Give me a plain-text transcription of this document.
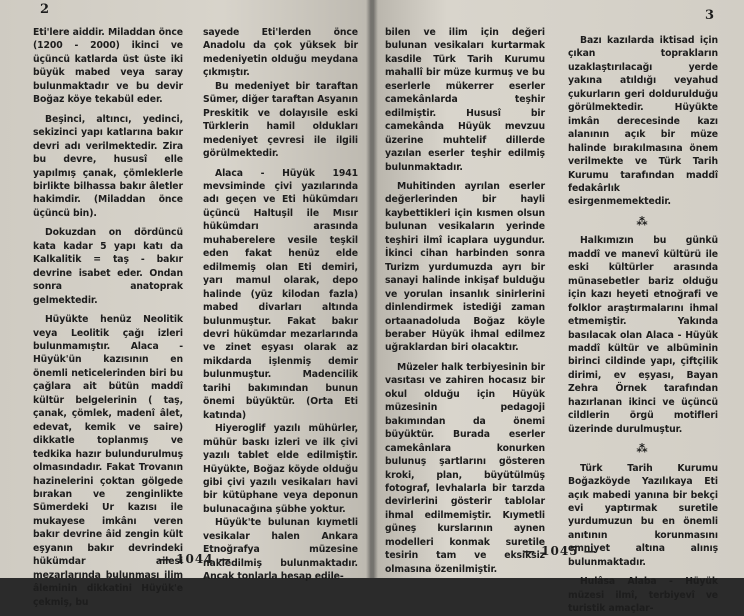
2

Eti'lere aiddir. Miladdan önce (1200 - 2000) ikinci ve üçüncü katlarda üst üste iki büyük mabed veya saray bulunmaktadır ve bu devir Boğaz köye tekabül eder.

Beşinci, altıncı, yedinci, sekizinci yapı katlarına bakır devri adı verilmektedir. Zira bu devre, hususî elle yapılmış çanak, çömleklerle birlikte bilhassa bakır âletler hakimdir. (Miladdan önce üçüncü bin).

Dokuzdan on dördüncü kata kadar 5 yapı katı da Kalkalitik = taş - bakır devrine isabet eder. Ondan sonra anatoprak gelmektedir.

Hüyükte henüz Neolitik veya Leolitik çağı izleri bulunmamıştır. Alaca - Hüyük'ün kazısının en önemli neticelerinden biri bu çağlara ait bütün maddî kültür belgelerinin ( taş, çanak, çömlek, madenî âlet, edevat, kemik ve saire) dikkatle toplanmış ve tedkika hazır bulundurulmuş olmasındadır. Fakat Trovanın hazinelerini çoktan gölgede bırakan ve zenginlikte Sümerdeki Ur kazısı ile mukayese imkânı veren bakır devrine âid zengin kült eşyanın bakır devrindeki hükümdar ailesi mezarlarında bulunması ilim âleminin dikkatini Hüyük'e çekmiş, bu

sayede Eti'lerden önce Anadolu da çok yüksek bir medeniyetin olduğu meydana çıkmıştır.

Bu medeniyet bir taraftan Sümer, diğer taraftan Asyanın Preskitik ve dolayısile eski Türklerin hamil oldukları medeniyet çevresi ile ilgili görülmektedir.

Alaca - Hüyük 1941 mevsiminde çivi yazılarında adı geçen ve Eti hükümdarı üçüncü Haltuşil ile Mısır hükümdarı arasında muhaberelere vesile teşkil eden fakat henüz elde edilmemiş olan Eti demiri, yarı mamul olarak, depo halinde (yüz kilodan fazla) mabed divarları altında bulunmuştur. Fakat bakır devri hükümdar mezarlarında ve zinet eşyası olarak az mikdarda işlenmiş demir bulunmuştur. Madencilik tarihi bakımından bunun önemi büyüktür. (Orta Eti katında)

Hiyeroglif yazılı mühürler, mühür baskı izleri ve ilk çivi yazılı tablet elde edilmiştir. Hüyükte, Boğaz köyde olduğu gibi çivi yazılı vesikaları havi bir kütüphane veya deponun bulunacağına şübhe yoktur.

Hüyük'te bulunan kıymetli vesikalar halen Ankara Etnoğrafya müzesine nakledilmiş bulunmaktadır. Ancak tonlarla hesap edile-

— 1044 —
3

bilen ve ilim için değeri bulunan vesikaları kurtarmak kasdile Türk Tarih Kurumu mahallî bir müze kurmuş ve bu eserlerle mükerrer eserler camekânlarda teşhir edilmiştir. Hususî bir camekânda Hüyük mevzuu üzerine muhtelif dillerde yazılan eserler teşhir edilmiş bulunmaktadır.

Muhitinden ayrılan eserler değerlerinden bir hayli kaybettikleri için kısmen olsun bulunan vesikaların yerinde teşhiri ilmî icaplara uygundur. İkinci cihan harbinden sonra Turizm yurdumuzda ayrı bir sanayi halinde inkişaf bulduğu ve yorulan insanlık sinirlerini dinlendirmek istediği zaman ortaanadoluda Boğaz köyle beraber Hüyük ihmal edilmez uğraklardan biri olacaktır.

Müzeler halk terbiyesinin bir vasıtası ve zahiren hocasız bir okul olduğu için Hüyük müzesinin pedagoji bakımından da önemi büyüktür. Burada eserler camekânlara konurken bulunuş şartlarını gösteren kroki, plan, büyütülmüş fotograf, levhalarla bir tarzda devirlerini gösterir tablolar ihmal edilmemiştir. Kıymetli güneş kurslarının aynen modelleri konmak suretile tesirin tam ve eksiksiz olmasına özenilmiştir.

Bazı kazılarda iktisad için çıkan toprakların uzaklaştırılacağı yerde yakına atıldığı veyahud çukurların geri doldurulduğu görülmektedir. Hüyükte imkân derecesinde kazı alanının açık bir müze halinde bırakılmasına önem verilmekte ve Türk Tarih Kurumu tarafından maddî fedakârlık esirgenmemektedir.

⁂

Halkımızın bu günkü maddî ve manevî kültürü ile eski kültürler arasında münasebetler bariz olduğu için kazı heyeti etnoğrafi ve folklor araştırmalarını ihmal etmemiştir. Yakında basılacak olan Alaca - Hüyük maddî kültür ve albüminin birinci cildinde yapı, çiftçilik dirimi, ev eşyası, Bayan Zehra Örnek tarafından hazırlanan ikinci ve üçüncü cildlerin örgü motifleri üzerinde durulmuştur.

⁂

Türk Tarih Kurumu Boğazköyde Yazılıkaya Eti açık mabedi yanına bir bekçi evi yaptırmak suretile yurdumuzun bu en önemli anıtının korunmasını emniyet altına alınış bulunmaktadır.

Hulâsa Alaba - Hüyük müzesi ilmî, terbiyevî ve turistik amaçlar-

— 1045 —
